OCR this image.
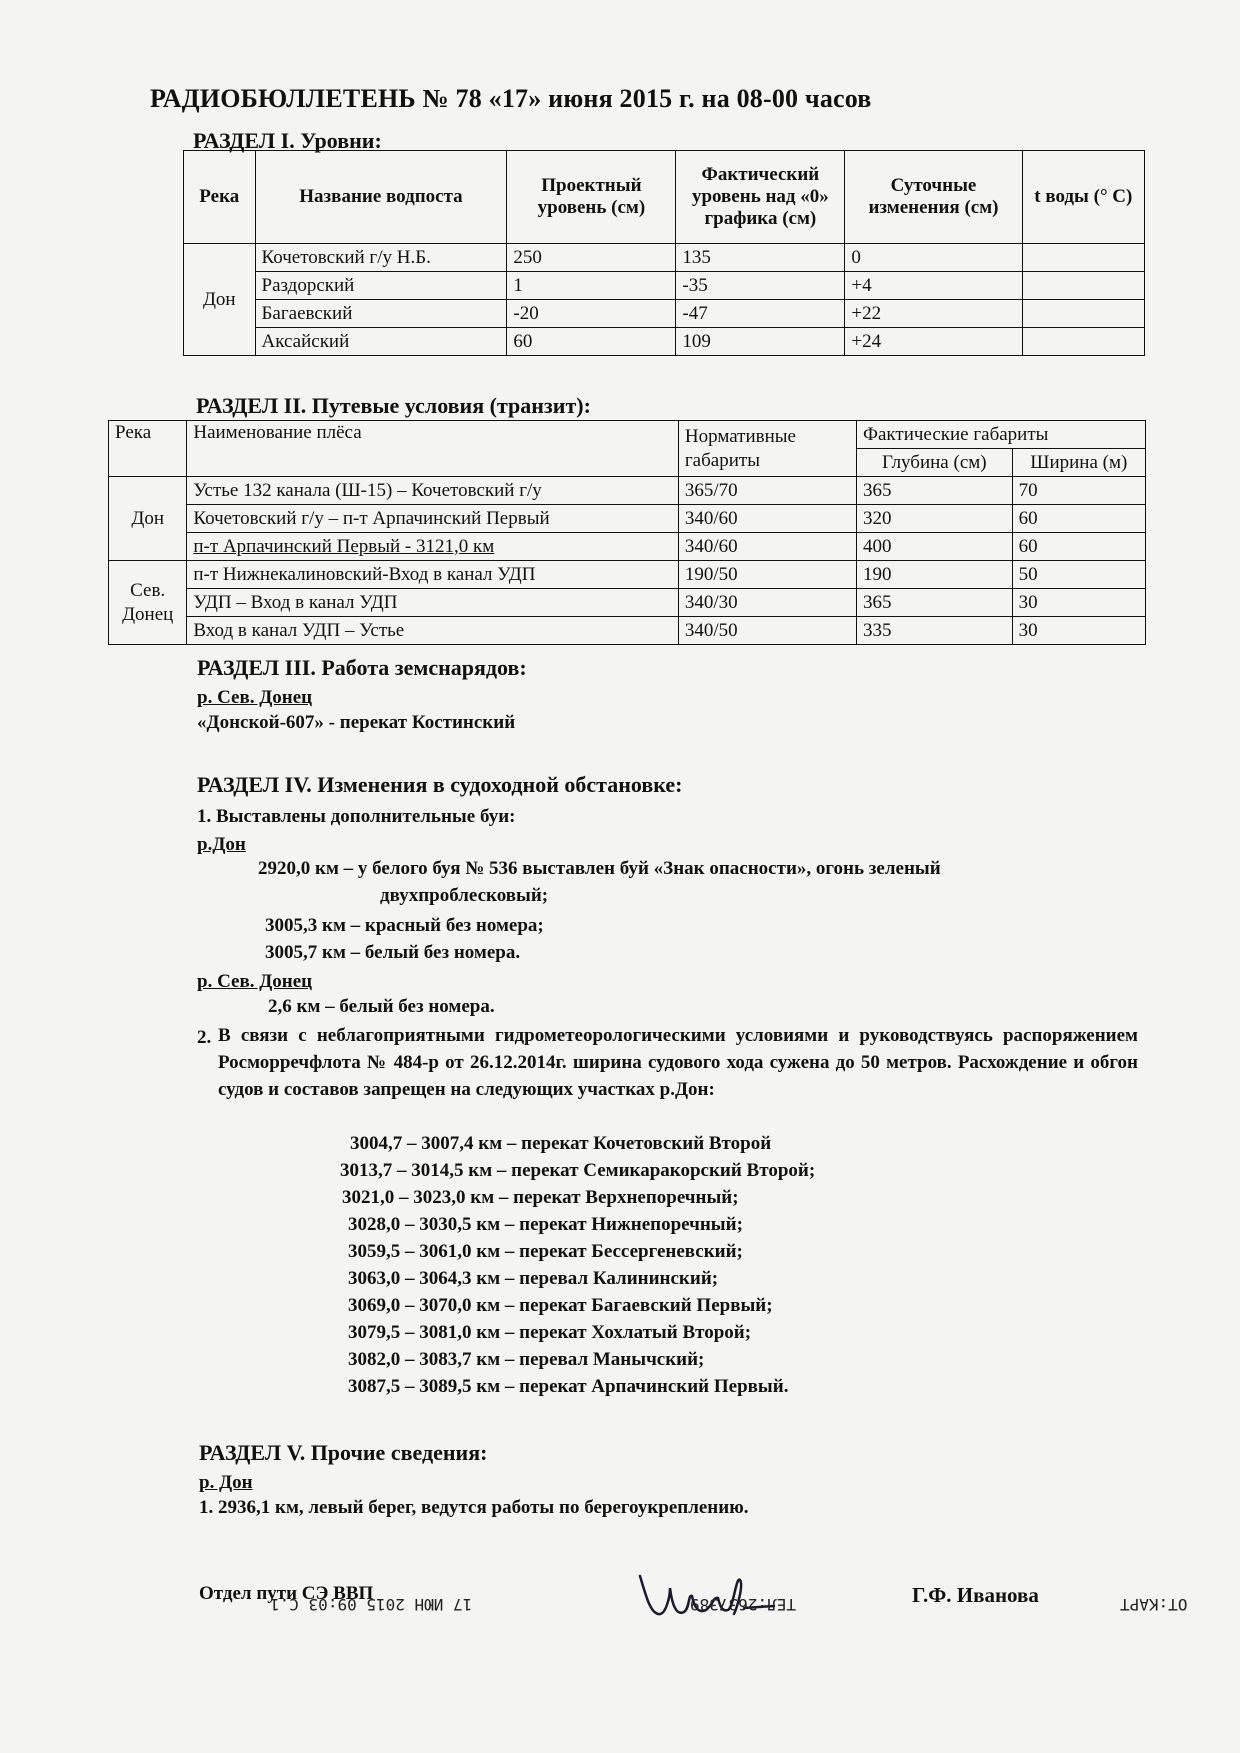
РАДИОБЮЛЛЕТЕНЬ № 78 «17» июня 2015 г. на 08-00 часов
РАЗДЕЛ I. Уровни:
Река	Название водпоста	Проектный уровень (см)	Фактический уровень над «0» графика (см)	Суточные изменения (см)	t воды (° С)
Дон	Кочетовский г/у Н.Б.	250	135	0	
	Раздорский	1	-35	+4	
	Багаевский	-20	-47	+22	
	Аксайский	60	109	+24	
РАЗДЕЛ II. Путевые условия (транзит):
Река	Наименование плёса	Нормативные габариты	Фактические габариты	
			Глубина (см)	Ширина (м)
Дон	Устье 132 канала (Ш-15) – Кочетовский г/у	365/70	365	70
	Кочетовский г/у – п-т Арпачинский Первый	340/60	320	60
	п-т Арпачинский Первый - 3121,0 км	340/60	400	60
Сев. Донец	п-т Нижнекалиновский-Вход в канал УДП	190/50	190	50
	УДП – Вход в канал УДП	340/30	365	30
	Вход в канал УДП – Устье	340/50	335	30
РАЗДЕЛ III. Работа земснарядов:
р. Сев. Донец
«Донской-607» - перекат Костинский
РАЗДЕЛ IV. Изменения в судоходной обстановке:
1. Выставлены дополнительные буи:
р.Дон
2920,0 км – у белого буя № 536 выставлен буй «Знак опасности», огонь зеленый
двухпроблесковый;
3005,3 км – красный без номера;
3005,7 км – белый без номера.
р. Сев. Донец
2,6 км – белый без номера.
2. В связи с неблагоприятными гидрометеорологическими условиями и руководствуясь распоряжением Росморречфлота № 484-р от 26.12.2014г. ширина судового хода сужена до 50 метров. Расхождение и обгон судов и составов запрещен на следующих участках р.Дон:
3004,7 – 3007,4 км – перекат Кочетовский Второй
3013,7 – 3014,5 км – перекат Семикаракорский Второй;
3021,0 – 3023,0 км – перекат Верхнепоречный;
3028,0 – 3030,5 км – перекат Нижнепоречный;
3059,5 – 3061,0 км – перекат Бессергеневский;
3063,0 – 3064,3 км – перевал Калининский;
3069,0 – 3070,0 км – перекат Багаевский Первый;
3079,5 – 3081,0 км – перекат Хохлатый Второй;
3082,0 – 3083,7 км – перевал Манычский;
3087,5 – 3089,5 км – перекат Арпачинский Первый.
РАЗДЕЛ V. Прочие сведения:
р. Дон
1. 2936,1 км, левый берег, ведутся работы по берегоукреплению.
Отдел пути СЭ ВВП	Г.Ф. Иванова	ОТ:КАРТ
ТЕЛ:2637389
17 ИЮН 2015 09:03 С.1
